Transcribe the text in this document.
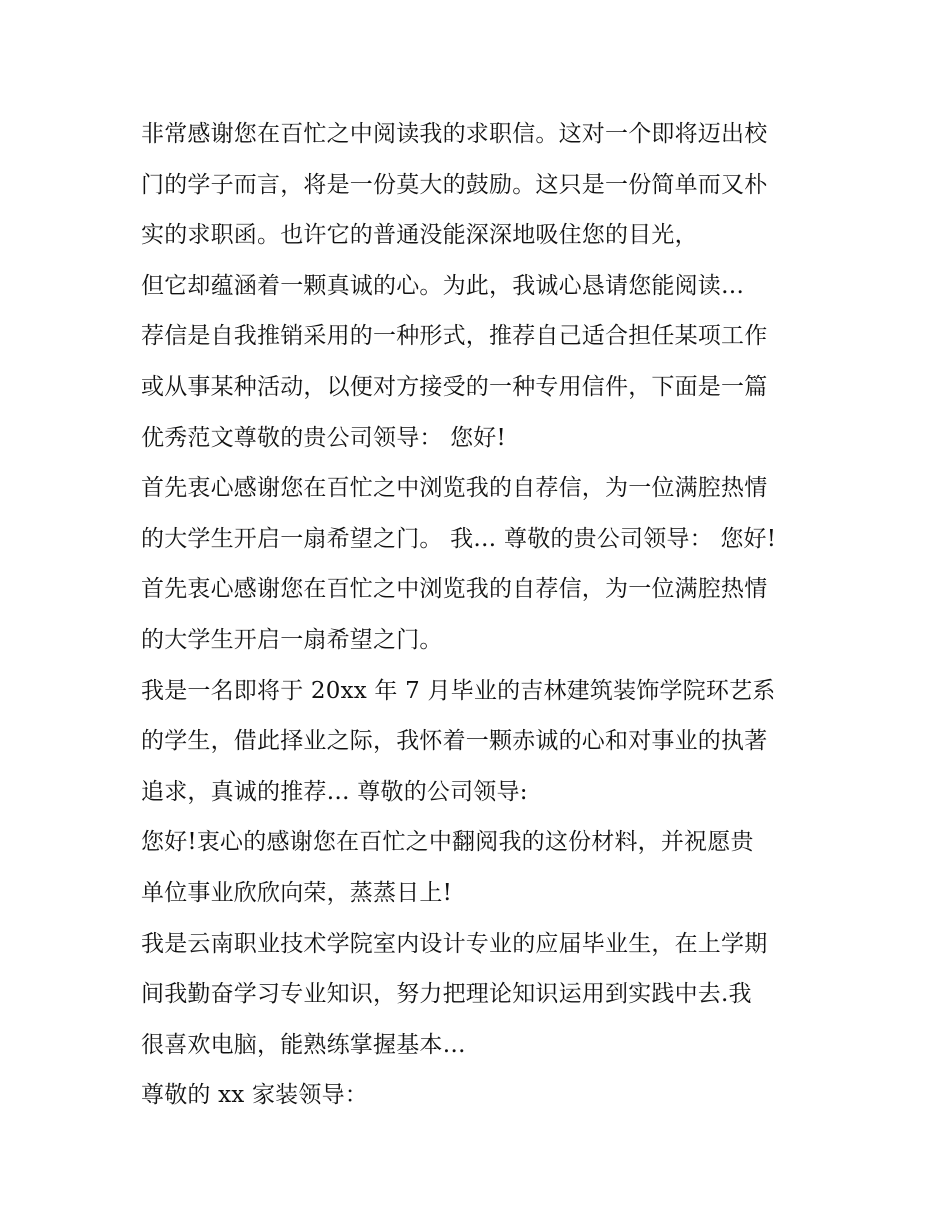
非常感谢您在百忙之中阅读我的求职信。这对一个即将迈出校
门的学子而言，将是一份莫大的鼓励。这只是一份简单而又朴
实的求职函。也许它的普通没能深深地吸住您的目光，
但它却蕴涵着一颗真诚的心。为此，我诚心恳请您能阅读…
荐信是自我推销采用的一种形式，推荐自己适合担任某项工作
或从事某种活动，以便对方接受的一种专用信件，下面是一篇
优秀范文尊敬的贵公司领导： 您好!
首先衷心感谢您在百忙之中浏览我的自荐信，为一位满腔热情
的大学生开启一扇希望之门。 我… 尊敬的贵公司领导： 您好!
首先衷心感谢您在百忙之中浏览我的自荐信，为一位满腔热情
的大学生开启一扇希望之门。
我是一名即将于 20xx 年 7 月毕业的吉林建筑装饰学院环艺系
的学生，借此择业之际，我怀着一颗赤诚的心和对事业的执著
追求，真诚的推荐… 尊敬的公司领导:
您好!衷心的感谢您在百忙之中翻阅我的这份材料，并祝愿贵
单位事业欣欣向荣，蒸蒸日上!
我是云南职业技术学院室内设计专业的应届毕业生，在上学期
间我勤奋学习专业知识，努力把理论知识运用到实践中去.我
很喜欢电脑，能熟练掌握基本…
尊敬的 xx 家装领导：
